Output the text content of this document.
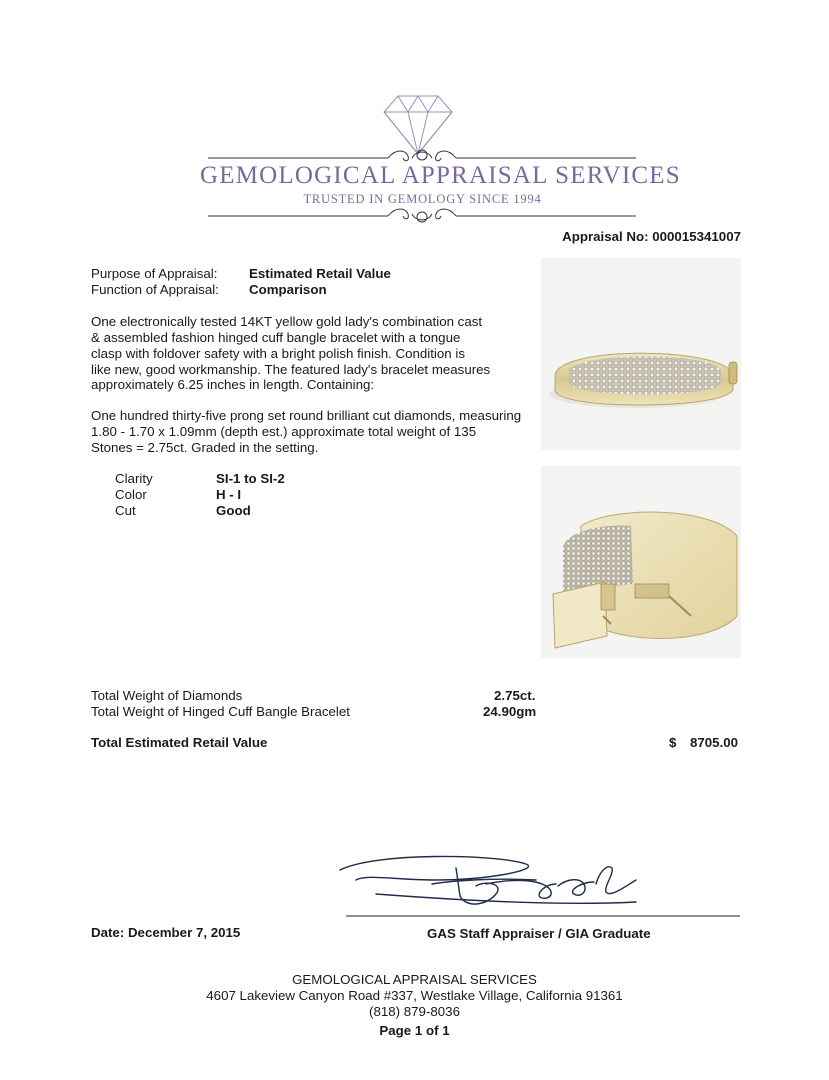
GEMOLOGICAL APPRAISAL SERVICES
TRUSTED IN GEMOLOGY SINCE 1994
Appraisal No: 000015341007
Purpose of Appraisal: Estimated Retail Value
Function of Appraisal: Comparison
One electronically tested 14KT yellow gold lady's combination cast
& assembled fashion hinged cuff bangle bracelet with a tongue
clasp with foldover safety with a bright polish finish. Condition is
like new, good workmanship. The featured lady's bracelet measures
approximately 6.25 inches in length. Containing:
One hundred thirty-five prong set round brilliant cut diamonds, measuring
1.80 - 1.70 x 1.09mm (depth est.) approximate total weight of 135
Stones = 2.75ct. Graded in the setting.
Clarity	SI-1 to SI-2
Color	H - I
Cut	Good
Total Weight of Diamonds	2.75ct.
Total Weight of Hinged Cuff Bangle Bracelet	24.90gm
Total Estimated Retail Value	$ 8705.00
Date: December 7, 2015	GAS Staff Appraiser / GIA Graduate
GEMOLOGICAL APPRAISAL SERVICES
4607 Lakeview Canyon Road #337, Westlake Village, California 91361
(818) 879-8036
Page 1 of 1
